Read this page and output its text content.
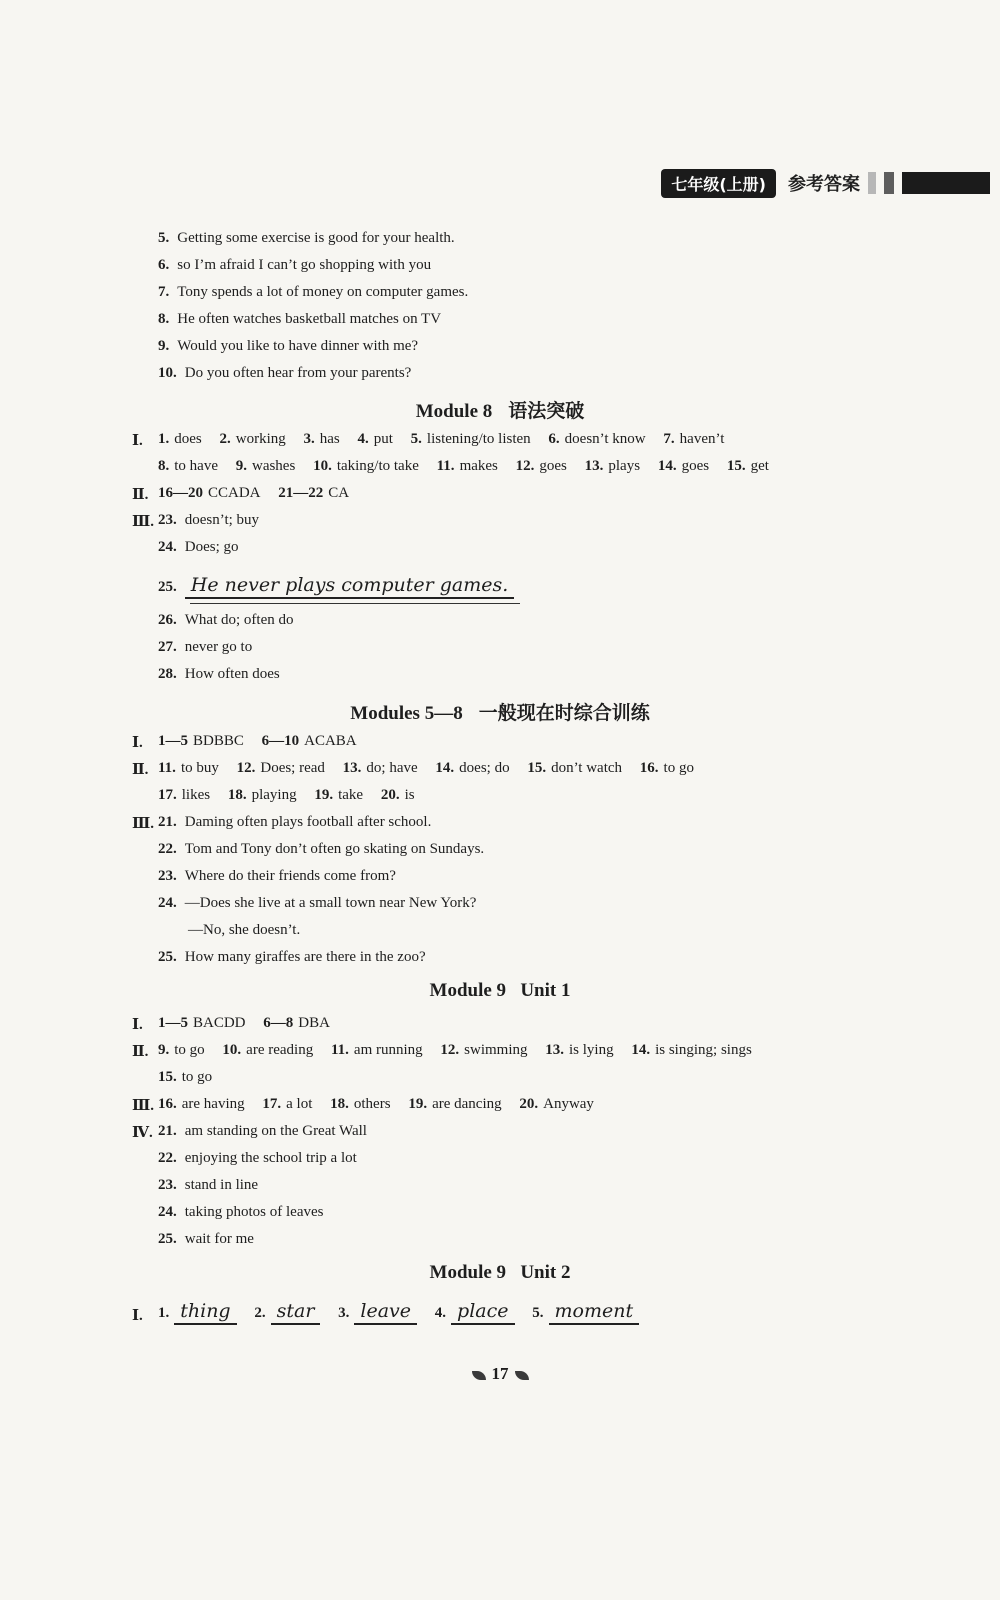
七年级(上册)	参考答案
5. Getting some exercise is good for your health.
6. so I’m afraid I can’t go shopping with you
7. Tony spends a lot of money on computer games.
8. He often watches basketball matches on TV
9. Would you like to have dinner with me?
10. Do you often hear from your parents?
Module 8 语法突破
Ⅰ. 1. does 2. working 3. has 4. put 5. listening/to listen 6. doesn’t know 7. haven’t
8. to have 9. washes 10. taking/to take 11. makes 12. goes 13. plays 14. goes 15. get
Ⅱ. 16—20 CCADA 21—22 CA
Ⅲ. 23. doesn’t; buy
24. Does; go
25. He never plays computer games.
26. What do; often do
27. never go to
28. How often does
Modules 5—8 一般现在时综合训练
Ⅰ. 1—5 BDBBC 6—10 ACABA
Ⅱ. 11. to buy 12. Does; read 13. do; have 14. does; do 15. don’t watch 16. to go
17. likes 18. playing 19. take 20. is
Ⅲ. 21. Daming often plays football after school.
22. Tom and Tony don’t often go skating on Sundays.
23. Where do their friends come from?
24. —Does she live at a small town near New York?
—No, she doesn’t.
25. How many giraffes are there in the zoo?
Module 9 Unit 1
Ⅰ. 1—5 BACDD 6—8 DBA
Ⅱ. 9. to go 10. are reading 11. am running 12. swimming 13. is lying 14. is singing; sings
15. to go
Ⅲ. 16. are having 17. a lot 18. others 19. are dancing 20. Anyway
Ⅳ. 21. am standing on the Great Wall
22. enjoying the school trip a lot
23. stand in line
24. taking photos of leaves
25. wait for me
Module 9 Unit 2
Ⅰ. 1. thing 2. star 3. leave 4. place 5. moment
17
